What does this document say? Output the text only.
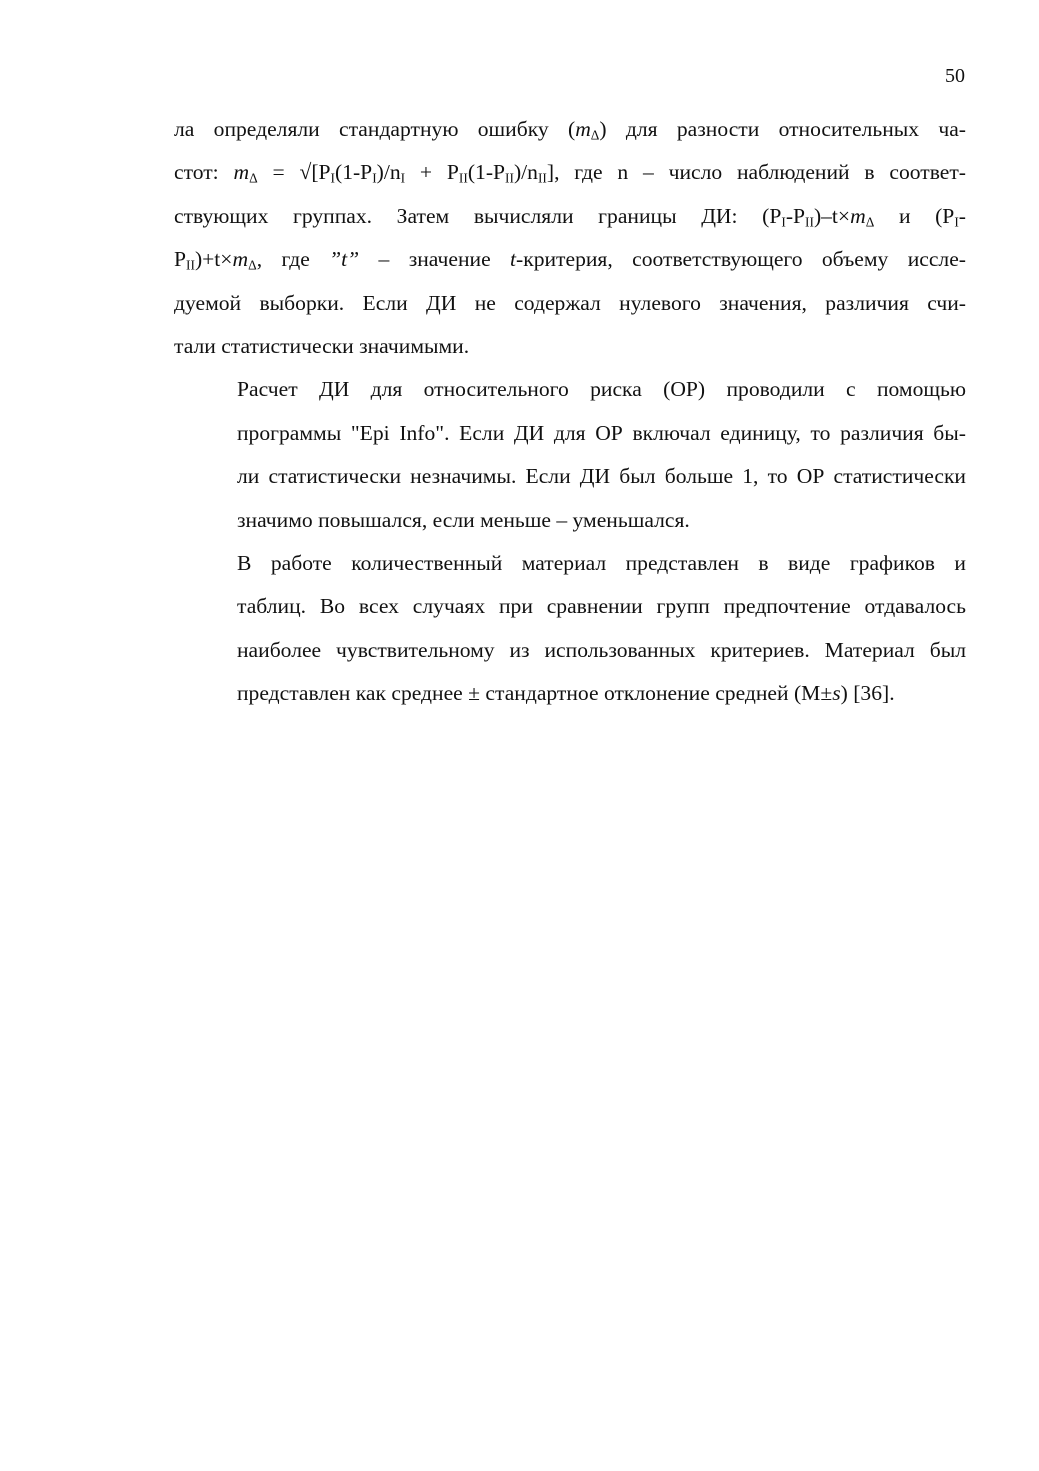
50

ла определяли стандартную ошибку $(m_\Delta)$ для разности относительных ча-
стот: $m_\Delta = √[P_I(1-P_I)/n_I + P_{II}(1-P_{II})/n_{II}]$, где n – число наблюдений в соответ-
ствующих группах. Затем вычисляли границы ДИ: $(P_I-P_{II})-t\times m_\Delta$ и ($P_I-$
$P_{II})+t\times m_\Delta$, где ”t” – значение t-критерия, соответствующего объему иссле-
дуемой выборки. Если ДИ не содержал нулевого значения, различия счи-
тали статистически значимыми.

Расчет ДИ для относительного риска (ОР) проводили с помощью
программы "Epi Info". Если ДИ для ОР включал единицу, то различия бы-
ли статистически незначимы. Если ДИ был больше 1, то ОР статистически
значимо повышался, если меньше – уменьшался.

В работе количественный материал представлен в виде графиков и
таблиц. Во всех случаях при сравнении групп предпочтение отдавалось
наиболее чувствительному из использованных критериев. Материал был
представлен как среднее ± стандартное отклонение средней (M±s) [36].
